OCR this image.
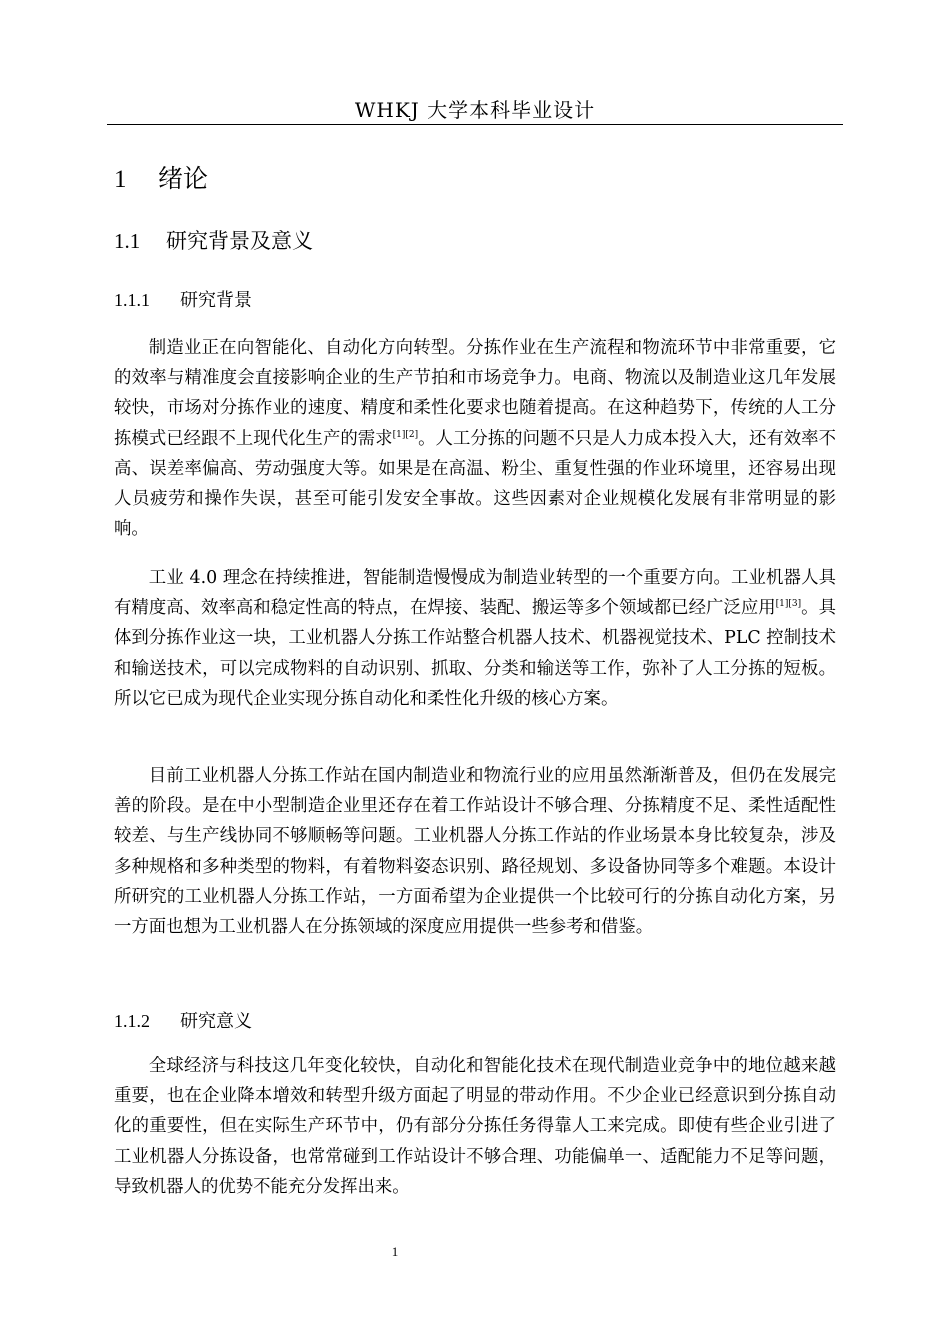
WHKJ 大学本科毕业设计
1 绪论
1.1 研究背景及意义
1.1.1 研究背景

制造业正在向智能化、自动化方向转型。分拣作业在生产流程和物流环节中非常重要，它的效率与精准度会直接影响企业的生产节拍和市场竞争力。电商、物流以及制造业这几年发展较快，市场对分拣作业的速度、精度和柔性化要求也随着提高。在这种趋势下，传统的人工分拣模式已经跟不上现代化生产的需求[1][2]。人工分拣的问题不只是人力成本投入大，还有效率不高、误差率偏高、劳动强度大等。如果是在高温、粉尘、重复性强的作业环境里，还容易出现人员疲劳和操作失误，甚至可能引发安全事故。这些因素对企业规模化发展有非常明显的影响。

工业 4.0 理念在持续推进，智能制造慢慢成为制造业转型的一个重要方向。工业机器人具有精度高、效率高和稳定性高的特点，在焊接、装配、搬运等多个领域都已经广泛应用[1][3]。具体到分拣作业这一块，工业机器人分拣工作站整合机器人技术、机器视觉技术、PLC 控制技术和输送技术，可以完成物料的自动识别、抓取、分类和输送等工作，弥补了人工分拣的短板。所以它已成为现代企业实现分拣自动化和柔性化升级的核心方案。

目前工业机器人分拣工作站在国内制造业和物流行业的应用虽然渐渐普及，但仍在发展完善的阶段。是在中小型制造企业里还存在着工作站设计不够合理、分拣精度不足、柔性适配性较差、与生产线协同不够顺畅等问题。工业机器人分拣工作站的作业场景本身比较复杂，涉及多种规格和多种类型的物料，有着物料姿态识别、路径规划、多设备协同等多个难题。本设计所研究的工业机器人分拣工作站，一方面希望为企业提供一个比较可行的分拣自动化方案，另一方面也想为工业机器人在分拣领域的深度应用提供一些参考和借鉴。

1.1.2 研究意义

全球经济与科技这几年变化较快，自动化和智能化技术在现代制造业竞争中的地位越来越重要，也在企业降本增效和转型升级方面起了明显的带动作用。不少企业已经意识到分拣自动化的重要性，但在实际生产环节中，仍有部分分拣任务得靠人工来完成。即使有些企业引进了工业机器人分拣设备，也常常碰到工作站设计不够合理、功能偏单一、适配能力不足等问题，导致机器人的优势不能充分发挥出来。

1
